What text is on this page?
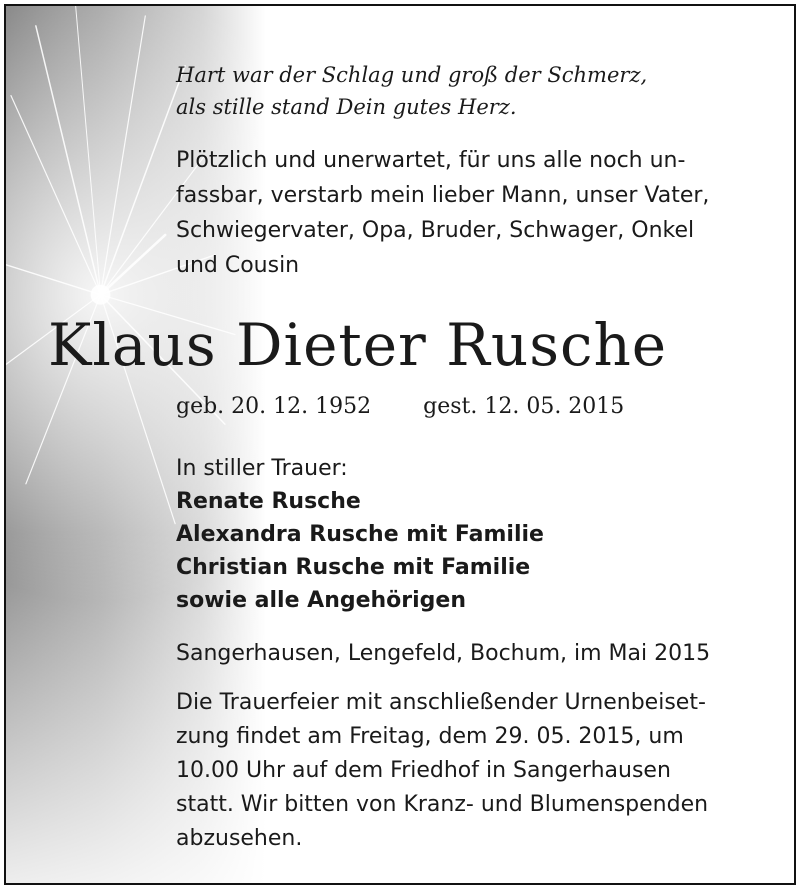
Hart war der Schlag und groß der Schmerz,
als stille stand Dein gutes Herz.
Plötzlich und unerwartet, für uns alle noch un-
fassbar, verstarb mein lieber Mann, unser Vater,
Schwiegervater, Opa, Bruder, Schwager, Onkel
und Cousin
In stiller Trauer:
Renate Rusche
Alexandra Rusche mit Familie
Christian Rusche mit Familie
sowie alle Angehörigen
Sangerhausen, Lengefeld, Bochum, im Mai 2015
Die Trauerfeier mit anschließender Urnenbeiset-
zung findet am Freitag, dem 29. 05. 2015, um
10.00 Uhr auf dem Friedhof in Sangerhausen
statt. Wir bitten von Kranz- und Blumenspenden
abzusehen.
Klaus Dieter Rusche
geb. 20. 12. 1952 gest. 12. 05. 2015
